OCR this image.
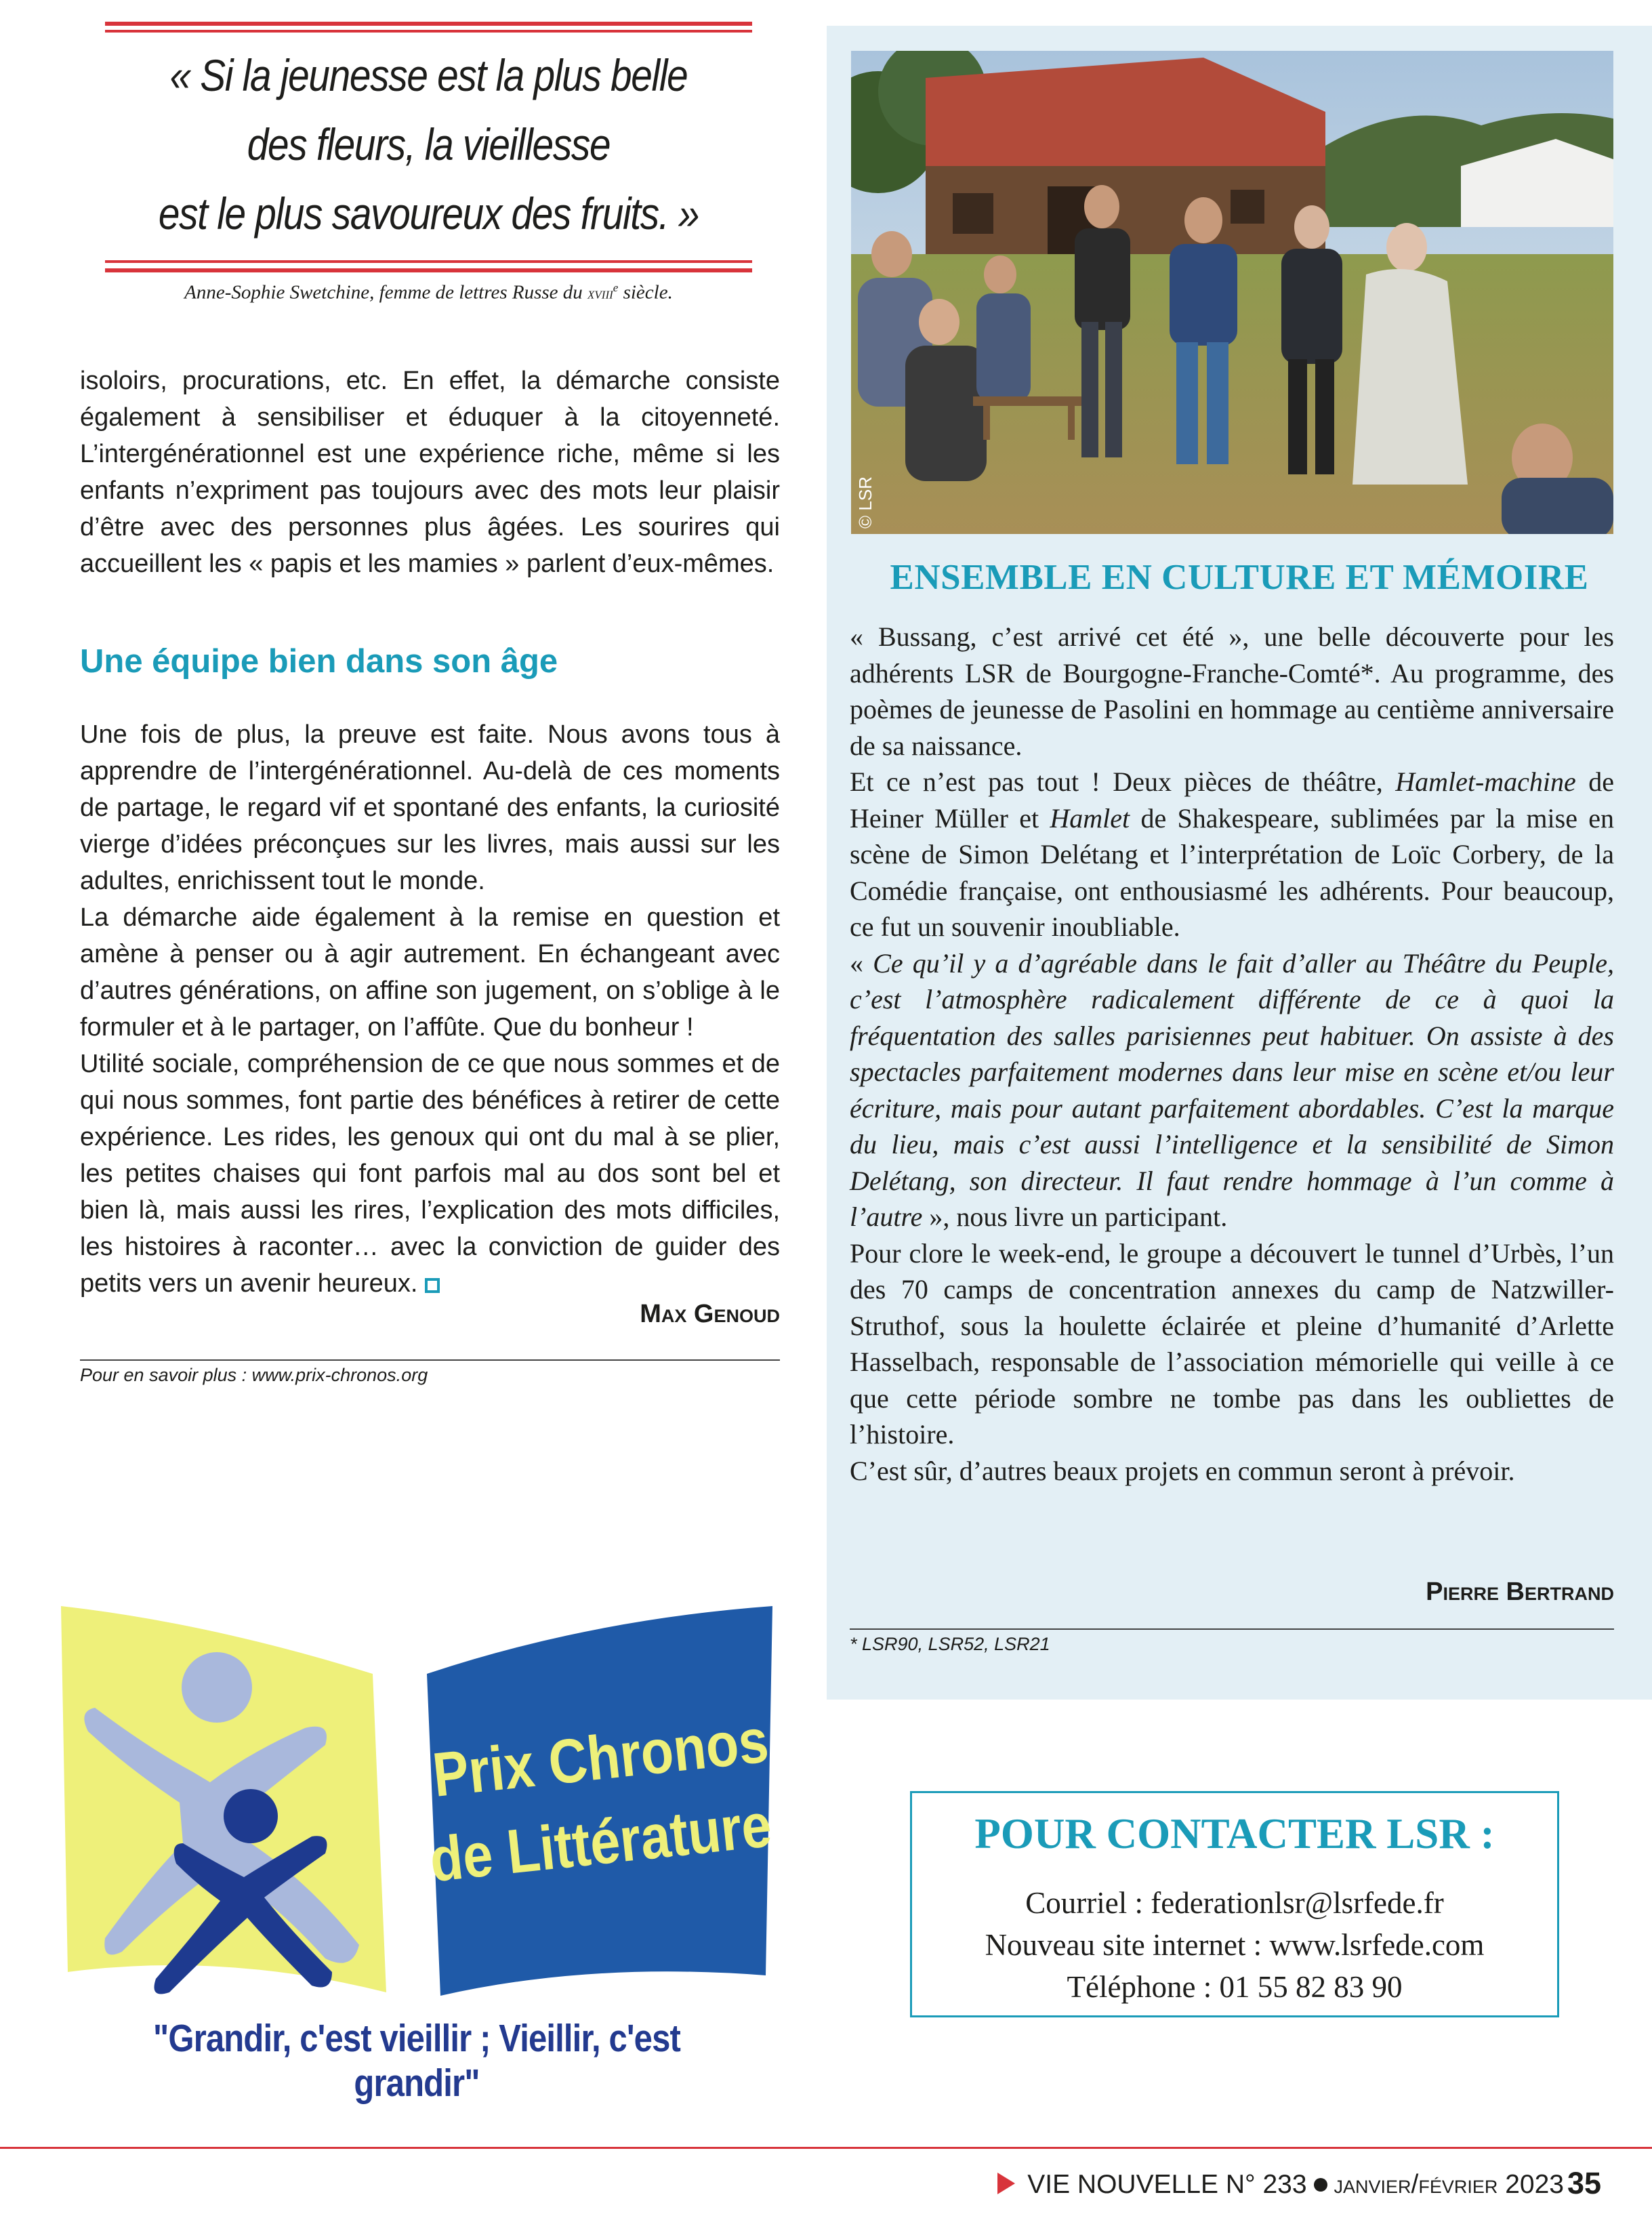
« Si la jeunesse est la plus belle
des fleurs, la vieillesse
est le plus savoureux des fruits. »
Anne-Sophie Swetchine, femme de lettres Russe du xviii$^e$ siècle.

isoloirs, procurations, etc. En effet, la démarche consiste également à sensibiliser et éduquer à la citoyenneté. L’intergénérationnel est une expérience riche, même si les enfants n’expriment pas toujours avec des mots leur plaisir d’être avec des personnes plus âgées. Les sourires qui accueillent les « papis et les mamies » parlent d’eux-mêmes.

Une équipe bien dans son âge

Une fois de plus, la preuve est faite. Nous avons tous à apprendre de l’intergénérationnel. Au-delà de ces moments de partage, le regard vif et spontané des enfants, la curiosité vierge d’idées préconçues sur les livres, mais aussi sur les adultes, enrichissent tout le monde.

La démarche aide également à la remise en question et amène à penser ou à agir autrement. En échangeant avec d’autres générations, on affine son jugement, on s’oblige à le formuler et à le partager, on l’affûte. Que du bonheur !

Utilité sociale, compréhension de ce que nous sommes et de qui nous sommes, font partie des bénéfices à retirer de cette expérience. Les rides, les genoux qui ont du mal à se plier, les petites chaises qui font parfois mal au dos sont bel et bien là, mais aussi les rires, l’explication des mots difficiles, les histoires à raconter… avec la conviction de guider des petits vers un avenir heureux.

Max Genoud
Pour en savoir plus : www.prix-chronos.org
© LSR
ENSEMBLE EN CULTURE ET MÉMOIRE

« Bussang, c’est arrivé cet été », une belle découverte pour les adhérents LSR de Bourgogne-Franche-Comté*. Au programme, des poèmes de jeunesse de Pasolini en hommage au centième anniversaire de sa naissance.

Et ce n’est pas tout ! Deux pièces de théâtre, Hamlet-machine de Heiner Müller et Hamlet de Shakespeare, sublimées par la mise en scène de Simon Delétang et l’interprétation de Loïc Corbery, de la Comédie française, ont enthousiasmé les adhérents. Pour beaucoup, ce fut un souvenir inoubliable.

« Ce qu’il y a d’agréable dans le fait d’aller au Théâtre du Peuple, c’est l’atmosphère radicalement différente de ce à quoi la fréquentation des salles parisiennes peut habituer. On assiste à des spectacles parfaitement modernes dans leur mise en scène et/ou leur écriture, mais pour autant parfaitement abordables. C’est la marque du lieu, mais c’est aussi l’intelligence et la sensibilité de Simon Delétang, son directeur. Il faut rendre hommage à l’un comme à l’autre », nous livre un participant.

Pour clore le week-end, le groupe a découvert le tunnel d’Urbès, l’un des 70 camps de concentration annexes du camp de Natzwiller-Struthof, sous la houlette éclairée et pleine d’humanité d’Arlette Hasselbach, responsable de l’association mémorielle qui veille à ce que cette période sombre ne tombe pas dans les oubliettes de l’histoire.

C’est sûr, d’autres beaux projets en commun seront à prévoir.

Pierre Bertrand
* LSR90, LSR52, LSR21
Prix Chronos
de Littérature
"Grandir, c'est vieillir ; Vieillir, c'est grandir"
POUR CONTACTER LSR :
Courriel : federationlsr@lsrfede.fr
Nouveau site internet : www.lsrfede.com
Téléphone : 01 55 82 83 90
VIE NOUVELLE N° 233 janvier/février 2023 35
